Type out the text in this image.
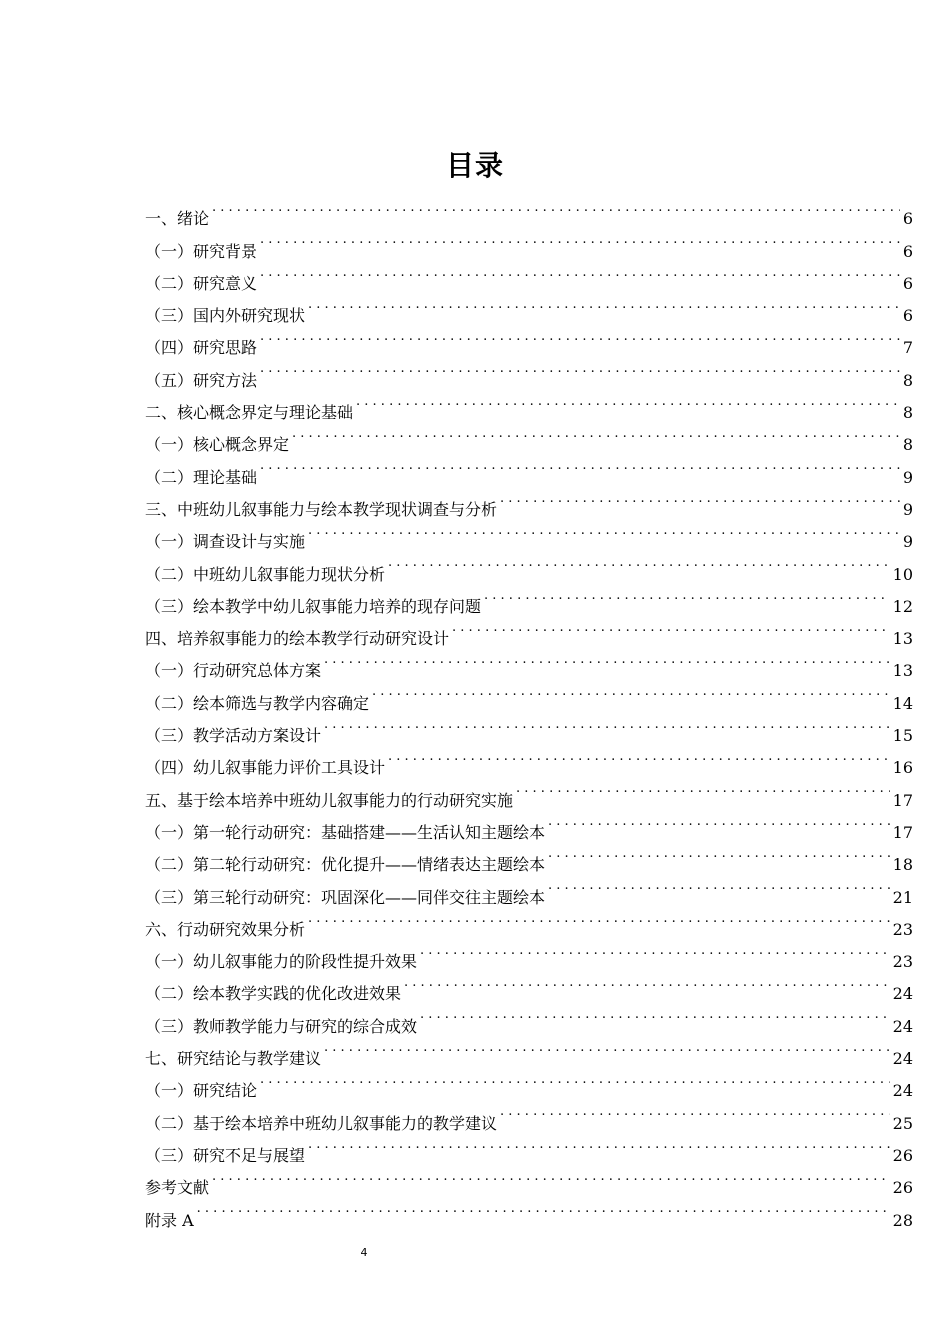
目录
一、绪论 . . .	6
（一）研究背景 . . .	6
（二）研究意义 . . .	6
（三）国内外研究现状 . . .	6
（四）研究思路 . . .	7
（五）研究方法 . . .	8
二、核心概念界定与理论基础 . . .	8
（一）核心概念界定 . . .	8
（二）理论基础 . . .	9
三、中班幼儿叙事能力与绘本教学现状调查与分析 . . .	9
（一）调查设计与实施 . . .	9
（二）中班幼儿叙事能力现状分析 . . .	10
（三）绘本教学中幼儿叙事能力培养的现存问题 . . .	12
四、培养叙事能力的绘本教学行动研究设计 . . .	13
（一）行动研究总体方案 . . .	13
（二）绘本筛选与教学内容确定 . . .	14
（三）教学活动方案设计 . . .	15
（四）幼儿叙事能力评价工具设计 . . .	16
五、基于绘本培养中班幼儿叙事能力的行动研究实施 . . .	17
（一）第一轮行动研究：基础搭建——生活认知主题绘本 . . .	17
（二）第二轮行动研究：优化提升——情绪表达主题绘本 . . .	18
（三）第三轮行动研究：巩固深化——同伴交往主题绘本 . . .	21
六、行动研究效果分析 . . .	23
（一）幼儿叙事能力的阶段性提升效果 . . .	23
（二）绘本教学实践的优化改进效果 . . .	24
（三）教师教学能力与研究的综合成效 . . .	24
七、研究结论与教学建议 . . .	24
（一）研究结论 . . .	24
（二）基于绘本培养中班幼儿叙事能力的教学建议 . . .	25
（三）研究不足与展望 . . .	26
参考文献 . . .	26
附录 A . . .	28
4
